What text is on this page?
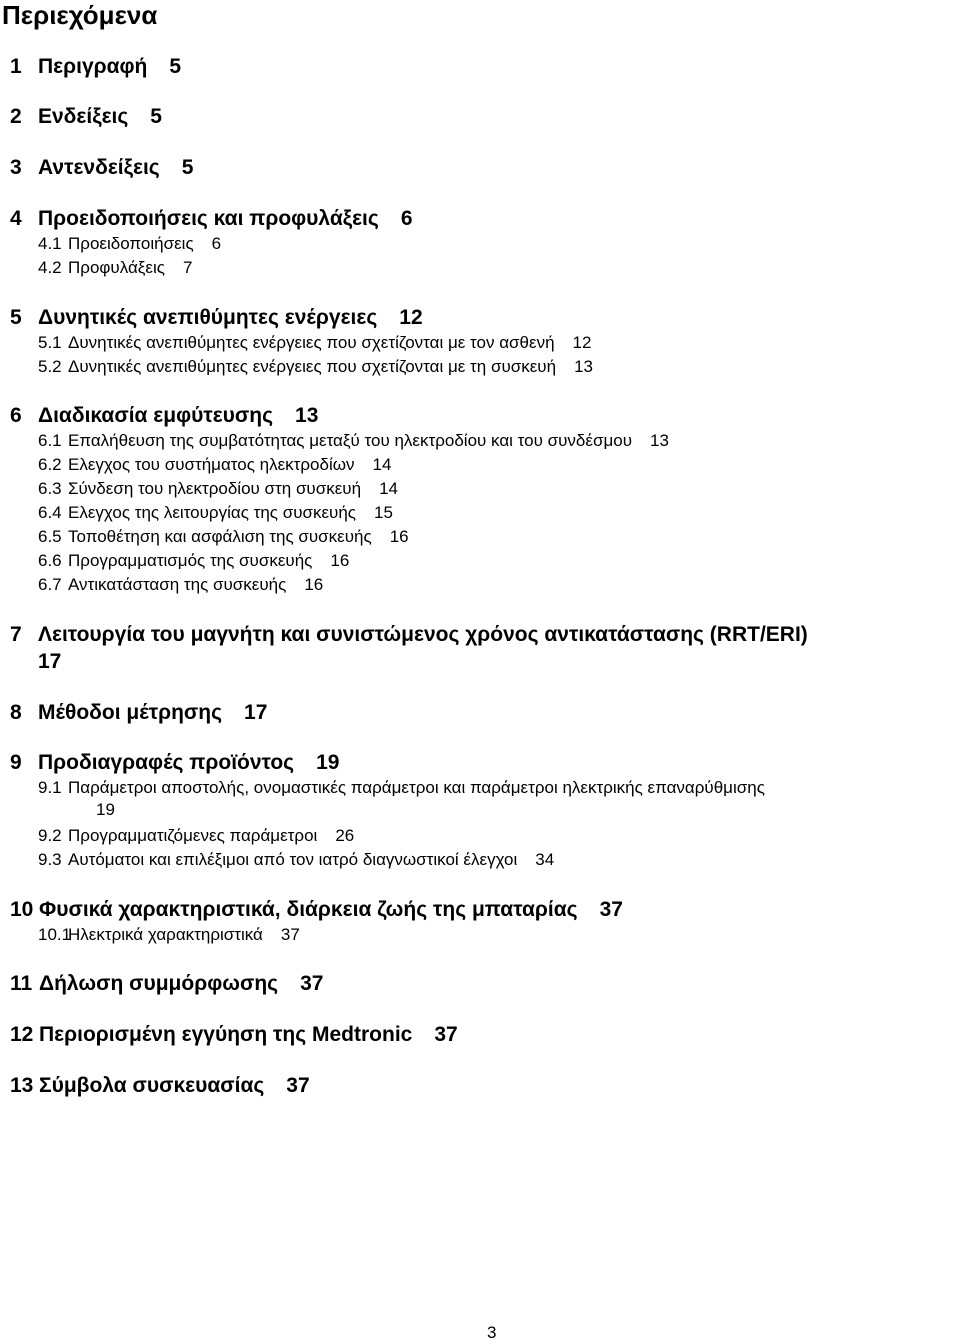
Περιεχόμενα
1 Περιγραφή 5
2 Ενδείξεις 5
3 Αντενδείξεις 5
4 Προειδοποιήσεις και προφυλάξεις 6
4.1 Προειδοποιήσεις 6
4.2 Προφυλάξεις 7
5 Δυνητικές ανεπιθύμητες ενέργειες 12
5.1 Δυνητικές ανεπιθύμητες ενέργειες που σχετίζονται με τον ασθενή 12
5.2 Δυνητικές ανεπιθύμητες ενέργειες που σχετίζονται με τη συσκευή 13
6 Διαδικασία εμφύτευσης 13
6.1 Επαλήθευση της συμβατότητας μεταξύ του ηλεκτροδίου και του συνδέσμου 13
6.2 Ελεγχος του συστήματος ηλεκτροδίων 14
6.3 Σύνδεση του ηλεκτροδίου στη συσκευή 14
6.4 Ελεγχος της λειτουργίας της συσκευής 15
6.5 Τοποθέτηση και ασφάλιση της συσκευής 16
6.6 Προγραμματισμός της συσκευής 16
6.7 Αντικατάσταση της συσκευής 16
7 Λειτουργία του μαγνήτη και συνιστώμενος χρόνος αντικατάστασης (RRT/ERI)
17
8 Μέθοδοι μέτρησης 17
9 Προδιαγραφές προϊόντος 19
9.1 Παράμετροι αποστολής, ονομαστικές παράμετροι και παράμετροι ηλεκτρικής επαναρύθμισης
19
9.2 Προγραμματιζόμενες παράμετροι 26
9.3 Αυτόματοι και επιλέξιμοι από τον ιατρό διαγνωστικοί έλεγχοι 34
10 Φυσικά χαρακτηριστικά, διάρκεια ζωής της μπαταρίας 37
10.1Ηλεκτρικά χαρακτηριστικά 37
11 Δήλωση συμμόρφωσης 37
12 Περιορισμένη εγγύηση της Medtronic 37
13 Σύμβολα συσκευασίας 37
3
